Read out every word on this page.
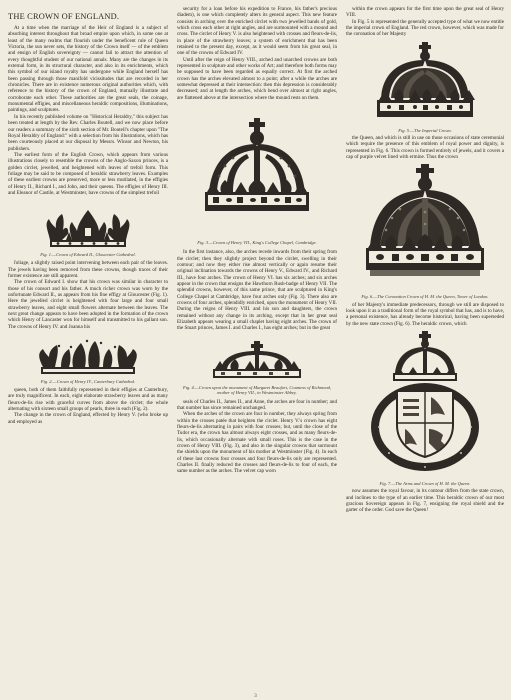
THE CROWN OF ENGLAND.

At a time when the marriage of the Heir of England is a subject of absorbing interest throughout that broad empire upon which, in some one at least of the many realms that flourish under the beneficent rule of Queen Victoria, the sun never sets, the history of the Crown itself — of the emblem and ensign of English sovereignty — cannot fail to attract the attention of every thoughtful student of our national annals. Many are the changes in its external form, in its structural character, and also in its enrichments, which this symbol of our island royalty has undergone while England herself has been passing through those manifold vicissitudes that are recorded in her chronicles. There are in existence numerous original authorities which, with reference to the history of the crown of England, mutually illustrate and corroborate each other. These authorities are the great seals, the coinage, monumental effigies, and miscellaneous heraldic compositions, illuminations, paintings, and sculptures.

In his recently published volume on "Historical Heraldry," this subject has been treated at length by the Rev. Charles Boutell, and we now place before our readers a summary of the sixth section of Mr. Boutell's chapter upon "The Royal Heraldry of England:" with a selection from his illustrations, which has been courteously placed at our disposal by Messrs. Winsor and Newton, his publishers.

The earliest form of the English Crown, which appears from various illustrations closely to resemble the crowns of the Anglo-Saxon princes, is a golden circlet, jewelled, and heightened with leaves of trefoil form. This foliage may be said to be composed of heraldic strawberry leaves. Examples of these earliest crowns are preserved, more or less mutilated, in the effigies of Henry II., Richard I., and John, and their queens. The effigies of Henry III. and Eleanor of Castile, at Westminster, have crowns of the simplest trefoil

Fig. 1.—Crown of Edward II., Gloucester Cathedral.

foliage, a slightly raised point intervening between each pair of the leaves. The jewels having been removed from these crowns, though traces of their former existence are still apparent.

The crown of Edward I. show that his crown was similar in character to those of his consort and his father. A much richer crown was worn by the unfortunate Edward II., as appears from his fine effigy at Gloucester (Fig. 1). Here the jewelled circlet is heightened with four large and four small strawberry leaves, and eight small flowers alternate between the leaves. The next great change appears to have been adopted in the formation of the crown which Henry of Lancaster won for himself and transmitted to his gallant son. The crowns of Henry IV. and Joanna his

Fig. 2.—Crown of Henry IV., Canterbury Cathedral.

queen, both of them faithfully represented in their effigies at Canterbury, are truly magnificent. In each, eight elaborate strawberry leaves and as many fleurs-de-lis rise with graceful curves from above the circlet; the whole alternating with sixteen small groups of pearls, three in each (Fig. 2).

The change in the crown of England, effected by Henry V. (who broke up and employed as

security for a loan before his expedition to France, his father's precious diadem), is one which completely alters its general aspect. This new feature consists in arching over the enriched circlet with two jewelled bands of gold, which cross each other at right angles, and are surmounted with a mound and cross. The circlet of Henry V. is also heightened with crosses and fleurs-de-lis, in place of the strawberry leaves; a system of enrichment that has been retained to the present day, except, as it would seem from his great seal, in one of the crowns of Edward IV.

Until after the reign of Henry VIII., arched and unarched crowns are both represented in sculpture and other works of Art; and therefore both forms may be supposed to have been regarded as equally correct. At first the arched crown has the arches elevated almost to a point; after a while the arches are somewhat depressed at their intersection: then this depression is considerably decreased; and at length the arches, which bend over almost at right angles, are flattened above at the intersection where the mound rests on them.

Fig. 3.—Crown of Henry VII., King's College Chapel, Cambridge.

In the first instance, also, the arches recede inwards from their spring from the circlet; then they slightly project beyond the circlet, swelling in their contour; and now they either rise almost vertically or again resume their original inclination towards the crowns of Henry V., Edward IV., and Richard III., have four arches. The crown of Henry VI. has six arches; and six arches appear in the crown that ensigns the Hawthorn Rush-badge of Henry VII. The splendid crowns, however, of this same prince, that are sculptured in King's College Chapel at Cambridge, have four arches only (Fig. 3). There also are crowns of four arches, splendidly enriched, upon the monument of Henry VII. During the reigns of Henry VIII. and his son and daughters, the crown remained without any change in its arching, except that in her great seal Elizabeth appears wearing a small chaplet having eight arches. The crown of the Stuart princes, James I. and Charles I., has eight arches; but in the great

Fig. 4.—Crown upon the monument of Margaret Beaufort, Countess of Richmond, mother of Henry VII., in Westminster Abbey.

seals of Charles II., James II., and Anne, the arches are four in number; and that number has since remained unchanged.

When the arches of the crown are four in number, they always spring from within the crosses patée that heighten the circlet. Henry V.'s crown has eight fleurs-de-lis alternating in pairs with four crosses; but, until the close of the Tudor era, the crown has almost always eight crosses, and as many fleurs-de-lis, which occasionally alternate with small roses. This is the case in the crown of Henry VIII. (Fig. 3), and also in the singular crowns that surmount the shields upon the monument of his mother at Westminster (Fig. 4). In each of these last crowns four crosses and four fleurs-de-lis only are represented. Charles II. finally reduced the crosses and fleurs-de-lis to four of each, the same number as the arches. The velvet cap worn

within the crown appears for the first time upon the great seal of Henry VIII.

In Fig. 5 is represented the generally accepted type of what we now entitle the imperial crown of England. The red crown, however, which was made for the coronation of her Majesty

Fig. 5.—The Imperial Crown.

the Queen, and which is still in use on those occasions of state ceremonial which require the presence of this emblem of royal power and dignity, is represented in Fig. 6. This crown is formed entirely of jewels, and it covers a cap of purple velvet lined with ermine. Thus the crown

Fig. 6.—The Coronation Crown of H. M. the Queen, Tower of London.

of her Majesty's immediate predecessors, through we still are disposed to look upon it as a traditional form of the royal symbol that has, and is to have, a personal existence, has already become historical, having been superseded by the new state crown (Fig. 6). The heraldic crown, which

Fig. 7.—The Arms and Crown of H. M. the Queen.

now assumes the royal favour, in its contour differs from the state crown, and inclines to the type of an earlier time. This heraldic crown of our most gracious Sovereign appears in Fig. 7, ensigning the royal shield and the garter of the order. God save the Queen!

3
